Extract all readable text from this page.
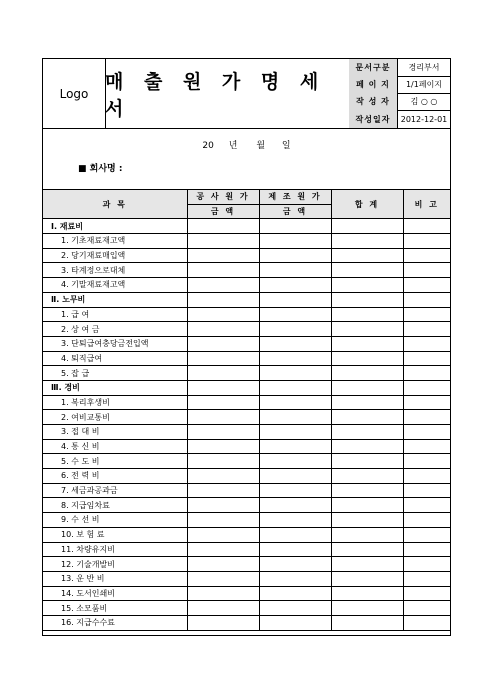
Logo
매 출 원 가 명 세 서
문서구분	경리부서
페 이 지	1/1페이지
작 성 자	김 ○ ○
작성일자	2012-12-01
20 년 월 일
■ 회사명 :
과 목	공 사 원 가	제 조 원 가	합 계	비 고
	금 액	금 액		
Ⅰ. 재료비				
1. 기초재료재고액				
2. 당기재료매입액				
3. 타계정으로대체				
4. 기말재료재고액				
Ⅱ. 노무비				
1. 급 여				
2. 상 여 금				
3. 단퇴급여충당금전입액				
4. 퇴직급여				
5. 잡 급				
Ⅲ. 경비				
1. 복리후생비				
2. 여비교통비				
3. 접 대 비				
4. 통 신 비				
5. 수 도 비				
6. 전 력 비				
7. 세금과공과금				
8. 지급임차료				
9. 수 선 비				
10. 보 험 료				
11. 차량유지비				
12. 기술개발비				
13. 운 반 비				
14. 도서인쇄비				
15. 소모품비				
16. 지급수수료				
